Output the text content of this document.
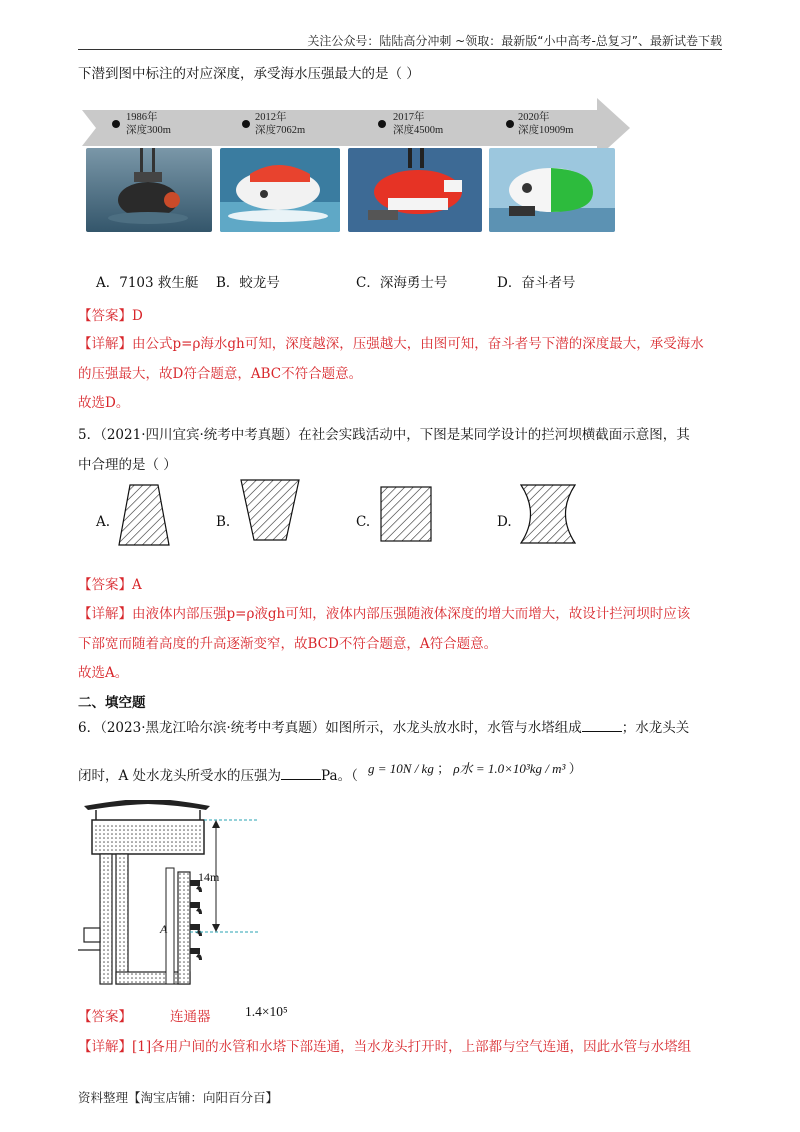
关注公众号：陆陆高分冲刺 ~领取：最新版“小中高考-总复习”、最新试卷下载
下潜到图中标注的对应深度，承受海水压强最大的是（ ）
1986年
深度300m
2012年
深度7062m
2017年
深度4500m
2020年
深度10909m
A．7103 救生艇 B．蛟龙号	C．深海勇士号	D．奋斗者号
【答案】D
【详解】由公式p=ρ海水gh可知，深度越深，压强越大，由图可知，奋斗者号下潜的深度最大，承受海水
的压强最大，故D符合题意，ABC不符合题意。
故选D。
5．（2021·四川宜宾·统考中考真题）在社会实践活动中，下图是某同学设计的拦河坝横截面示意图，其
中合理的是（ ）
A.	B.	C.	D.
【答案】A
【详解】由液体内部压强p=ρ液gh可知，液体内部压强随液体深度的增大而增大，故设计拦河坝时应该
下部宽而随着高度的升高逐渐变窄，故BCD不符合题意，A符合题意。
故选A。
二、填空题
6．（2023·黑龙江哈尔滨·统考中考真题）如图所示，水龙头放水时，水管与水塔组成	；水龙头关
闭时，A 处水龙头所受水的压强为	Pa。（ g = 10N / kg ； ρ水 = 1.0×10³kg / m³ ）
14m
A
【答案】	连通器	1.4×10⁵
【详解】[1]各用户间的水管和水塔下部连通，当水龙头打开时，上部都与空气连通，因此水管与水塔组
资料整理【淘宝店铺：向阳百分百】
